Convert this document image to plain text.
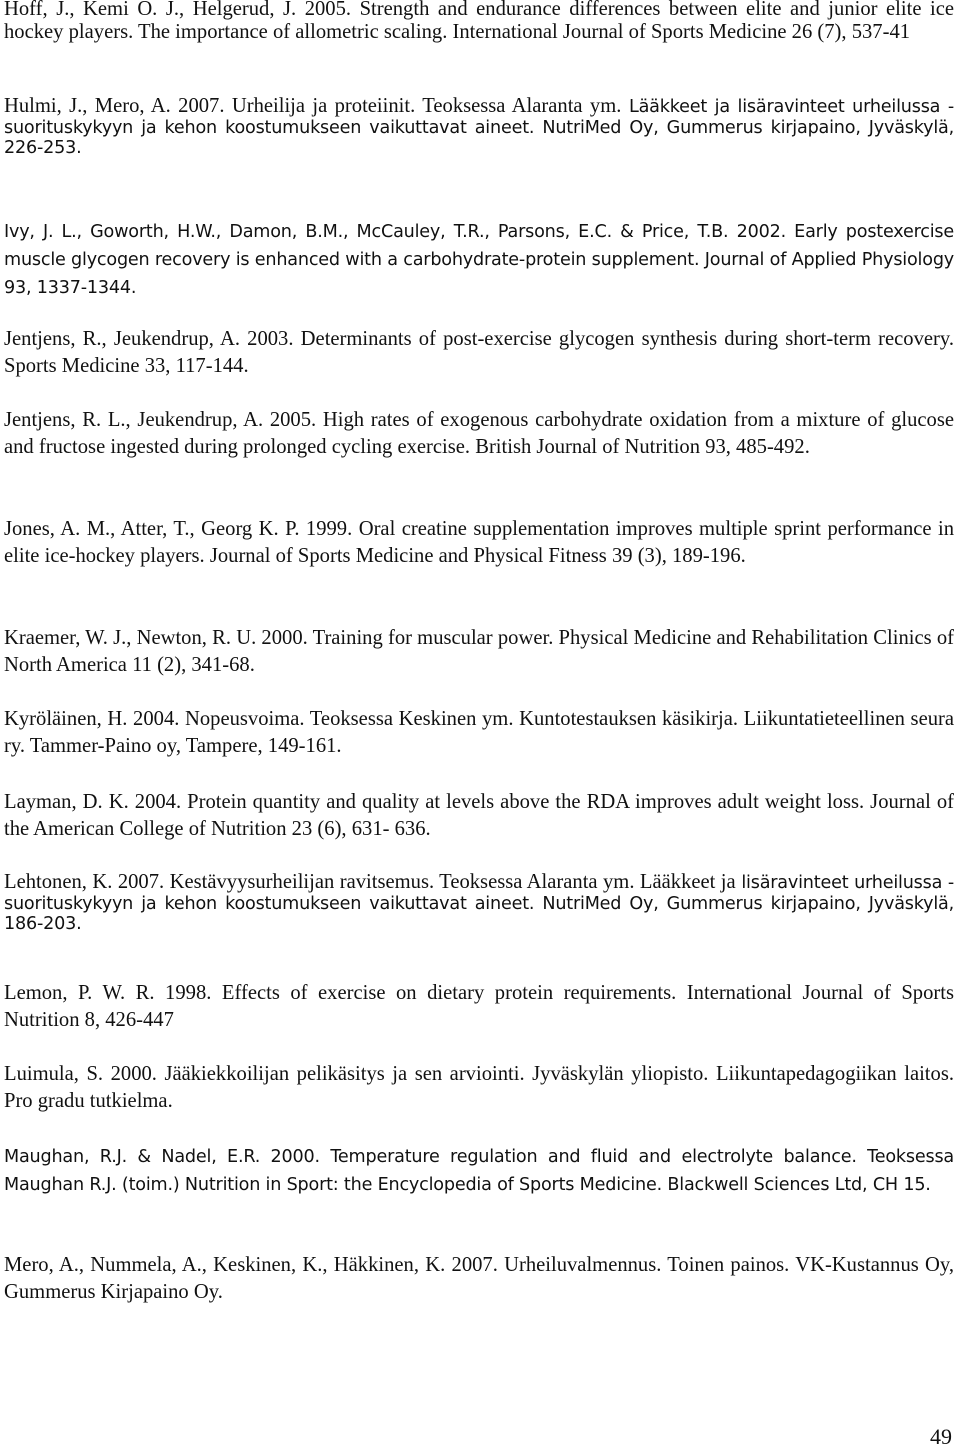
Hoff, J., Kemi O. J., Helgerud, J. 2005. Strength and endurance differences between elite and junior elite ice hockey players. The importance of allometric scaling. International Journal of Sports Medicine 26 (7), 537-41

Hulmi, J., Mero, A. 2007. Urheilija ja proteiinit. Teoksessa Alaranta ym. Lääkkeet ja lisäravinteet urheilussa - suorituskykyyn ja kehon koostumukseen vaikuttavat aineet. NutriMed Oy, Gummerus kirjapaino, Jyväskylä, 226-253.

Ivy, J. L., Goworth, H.W., Damon, B.M., McCauley, T.R., Parsons, E.C. & Price, T.B. 2002. Early postexercise muscle glycogen recovery is enhanced with a carbohydrate-protein supplement. Journal of Applied Physiology 93, 1337-1344.

Jentjens, R., Jeukendrup, A. 2003. Determinants of post-exercise glycogen synthesis during short-term recovery. Sports Medicine 33, 117-144.

Jentjens, R. L., Jeukendrup, A. 2005. High rates of exogenous carbohydrate oxidation from a mixture of glucose and fructose ingested during prolonged cycling exercise. British Journal of Nutrition 93, 485-492.

Jones, A. M., Atter, T., Georg K. P. 1999. Oral creatine supplementation improves multiple sprint performance in elite ice-hockey players. Journal of Sports Medicine and Physical Fitness 39 (3), 189-196.

Kraemer, W. J., Newton, R. U. 2000. Training for muscular power. Physical Medicine and Rehabilitation Clinics of North America 11 (2), 341-68.

Kyröläinen, H. 2004. Nopeusvoima. Teoksessa Keskinen ym. Kuntotestauksen käsikirja. Liikuntatieteellinen seura ry. Tammer-Paino oy, Tampere, 149-161.

Layman, D. K. 2004. Protein quantity and quality at levels above the RDA improves adult weight loss. Journal of the American College of Nutrition 23 (6), 631- 636.

Lehtonen, K. 2007. Kestävyysurheilijan ravitsemus. Teoksessa Alaranta ym. Lääkkeet ja lisäravinteet urheilussa - suorituskykyyn ja kehon koostumukseen vaikuttavat aineet. NutriMed Oy, Gummerus kirjapaino, Jyväskylä, 186-203.

Lemon, P. W. R. 1998. Effects of exercise on dietary protein requirements. International Journal of Sports Nutrition 8, 426-447

Luimula, S. 2000. Jääkiekkoilijan pelikäsitys ja sen arviointi. Jyväskylän yliopisto. Liikuntapedagogiikan laitos. Pro gradu tutkielma.

Maughan, R.J. & Nadel, E.R. 2000. Temperature regulation and fluid and electrolyte balance. Teoksessa Maughan R.J. (toim.) Nutrition in Sport: the Encyclopedia of Sports Medicine. Blackwell Sciences Ltd, CH 15.

Mero, A., Nummela, A., Keskinen, K., Häkkinen, K. 2007. Urheiluvalmennus. Toinen painos. VK-Kustannus Oy, Gummerus Kirjapaino Oy.

49
